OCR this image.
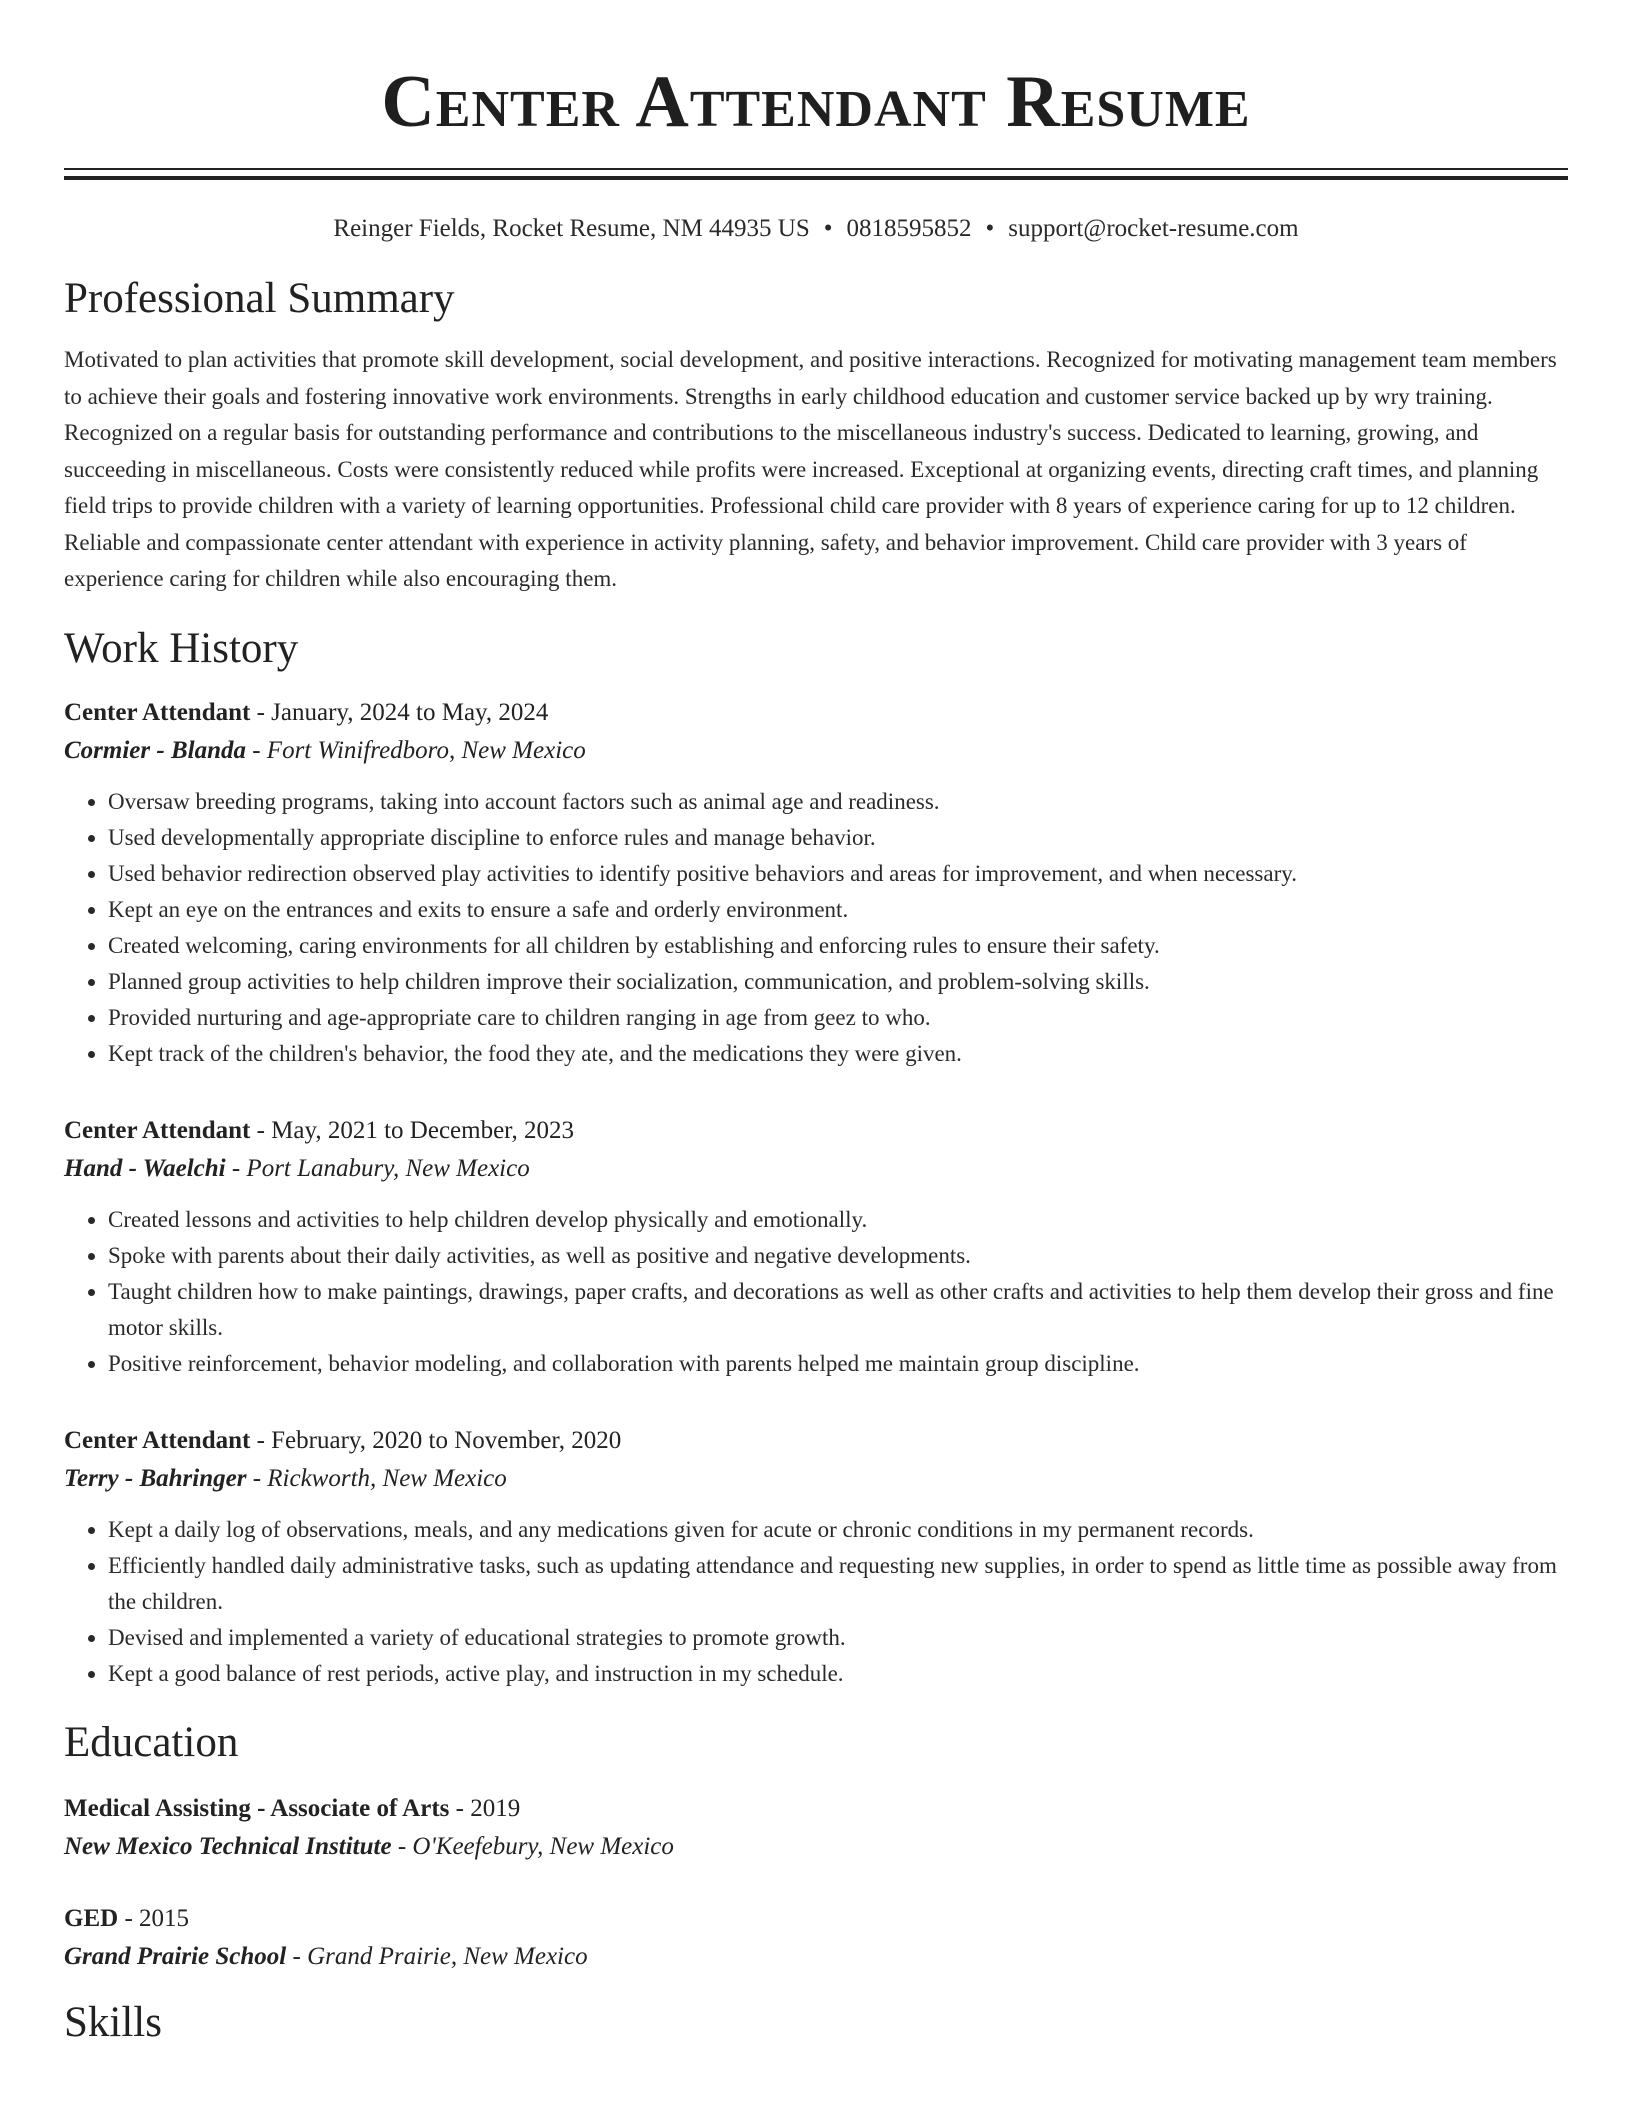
Center Attendant Resume
Reinger Fields, Rocket Resume, NM 44935 US • 0818595852 • support@rocket-resume.com
Professional Summary
Motivated to plan activities that promote skill development, social development, and positive interactions. Recognized for motivating management team members to achieve their goals and fostering innovative work environments. Strengths in early childhood education and customer service backed up by wry training. Recognized on a regular basis for outstanding performance and contributions to the miscellaneous industry's success. Dedicated to learning, growing, and succeeding in miscellaneous. Costs were consistently reduced while profits were increased. Exceptional at organizing events, directing craft times, and planning field trips to provide children with a variety of learning opportunities. Professional child care provider with 8 years of experience caring for up to 12 children. Reliable and compassionate center attendant with experience in activity planning, safety, and behavior improvement. Child care provider with 3 years of experience caring for children while also encouraging them.
Work History
Center Attendant - January, 2024 to May, 2024
Cormier - Blanda - Fort Winifredboro, New Mexico
• Oversaw breeding programs, taking into account factors such as animal age and readiness.
• Used developmentally appropriate discipline to enforce rules and manage behavior.
• Used behavior redirection observed play activities to identify positive behaviors and areas for improvement, and when necessary.
• Kept an eye on the entrances and exits to ensure a safe and orderly environment.
• Created welcoming, caring environments for all children by establishing and enforcing rules to ensure their safety.
• Planned group activities to help children improve their socialization, communication, and problem-solving skills.
• Provided nurturing and age-appropriate care to children ranging in age from geez to who.
• Kept track of the children's behavior, the food they ate, and the medications they were given.
Center Attendant - May, 2021 to December, 2023
Hand - Waelchi - Port Lanabury, New Mexico
• Created lessons and activities to help children develop physically and emotionally.
• Spoke with parents about their daily activities, as well as positive and negative developments.
• Taught children how to make paintings, drawings, paper crafts, and decorations as well as other crafts and activities to help them develop their gross and fine motor skills.
• Positive reinforcement, behavior modeling, and collaboration with parents helped me maintain group discipline.
Center Attendant - February, 2020 to November, 2020
Terry - Bahringer - Rickworth, New Mexico
• Kept a daily log of observations, meals, and any medications given for acute or chronic conditions in my permanent records.
• Efficiently handled daily administrative tasks, such as updating attendance and requesting new supplies, in order to spend as little time as possible away from the children.
• Devised and implemented a variety of educational strategies to promote growth.
• Kept a good balance of rest periods, active play, and instruction in my schedule.
Education
Medical Assisting - Associate of Arts - 2019
New Mexico Technical Institute - O'Keefebury, New Mexico
GED - 2015
Grand Prairie School - Grand Prairie, New Mexico
Skills
